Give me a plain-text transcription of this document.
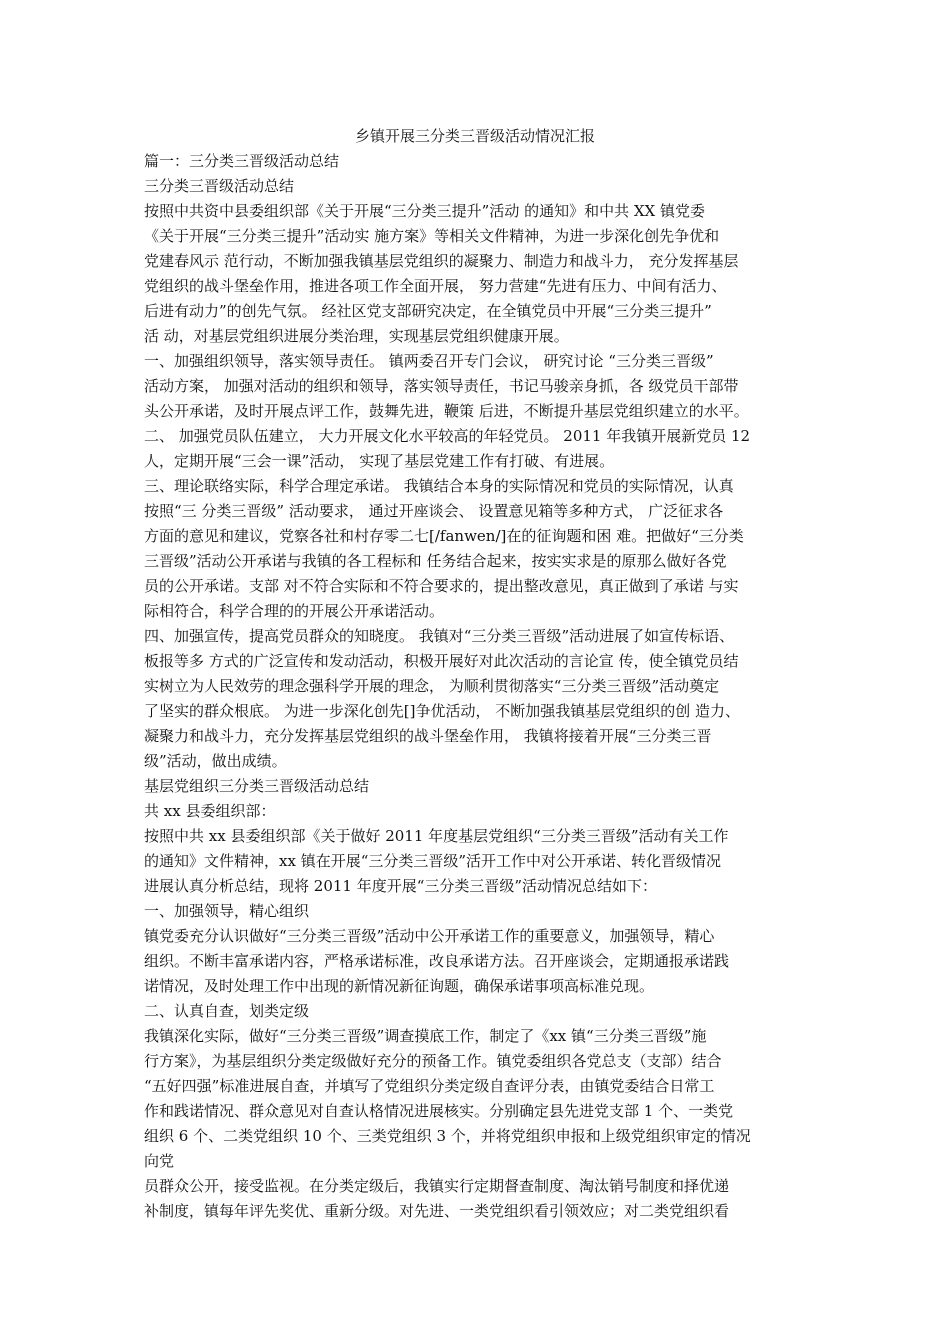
乡镇开展三分类三晋级活动情况汇报
篇一：三分类三晋级活动总结
三分类三晋级活动总结
按照中共资中县委组织部《关于开展“三分类三提升”活动 的通知》和中共 XX 镇党委
《关于开展“三分类三提升”活动实 施方案》等相关文件精神，为进一步深化创先争优和
党建春风示 范行动，不断加强我镇基层党组织的凝聚力、制造力和战斗力， 充分发挥基层
党组织的战斗堡垒作用，推进各项工作全面开展， 努力营建“先进有压力、中间有活力、
后进有动力”的创先气氛。 经社区党支部研究决定，在全镇党员中开展“三分类三提升”
活 动，对基层党组织进展分类治理，实现基层党组织健康开展。
一、加强组织领导，落实领导责任。 镇两委召开专门会议， 研究讨论 “三分类三晋级”
活动方案， 加强对活动的组织和领导，落实领导责任，书记马骏亲身抓，各 级党员干部带
头公开承诺，及时开展点评工作，鼓舞先进，鞭策 后进，不断提升基层党组织建立的水平。
二、 加强党员队伍建立， 大力开展文化水平较高的年轻党员。 2011 年我镇开展新党员 12
人，定期开展“三会一课”活动， 实现了基层党建工作有打破、有进展。
三、理论联络实际，科学合理定承诺。 我镇结合本身的实际情况和党员的实际情况，认真
按照“三 分类三晋级” 活动要求， 通过开座谈会、 设置意见箱等多种方式， 广泛征求各
方面的意见和建议，党察各社和村存零二七[/fanwen/]在的征询题和困 难。把做好“三分类
三晋级”活动公开承诺与我镇的各工程标和 任务结合起来，按实实求是的原那么做好各党
员的公开承诺。支部 对不符合实际和不符合要求的，提出整改意见，真正做到了承诺 与实
际相符合，科学合理的的开展公开承诺活动。
四、加强宣传，提高党员群众的知晓度。 我镇对“三分类三晋级”活动进展了如宣传标语、
板报等多 方式的广泛宣传和发动活动，积极开展好对此次活动的言论宣 传，使全镇党员结
实树立为人民效劳的理念强科学开展的理念， 为顺利贯彻落实“三分类三晋级”活动奠定
了坚实的群众根底。 为进一步深化创先[]争优活动， 不断加强我镇基层党组织的创 造力、
凝聚力和战斗力，充分发挥基层党组织的战斗堡垒作用， 我镇将接着开展“三分类三晋
级”活动，做出成绩。
基层党组织三分类三晋级活动总结
共 xx 县委组织部：
按照中共 xx 县委组织部《关于做好 2011 年度基层党组织“三分类三晋级”活动有关工作
的通知》文件精神，xx 镇在开展“三分类三晋级”活开工作中对公开承诺、转化晋级情况
进展认真分析总结，现将 2011 年度开展“三分类三晋级”活动情况总结如下：
一、加强领导，精心组织
镇党委充分认识做好“三分类三晋级”活动中公开承诺工作的重要意义，加强领导，精心
组织。不断丰富承诺内容，严格承诺标准，改良承诺方法。召开座谈会，定期通报承诺践
诺情况，及时处理工作中出现的新情况新征询题，确保承诺事项高标准兑现。
二、认真自查，划类定级
我镇深化实际，做好“三分类三晋级”调查摸底工作，制定了《xx 镇“三分类三晋级”施
行方案》，为基层组织分类定级做好充分的预备工作。镇党委组织各党总支（支部）结合
“五好四强”标准进展自查，并填写了党组织分类定级自查评分表，由镇党委结合日常工
作和践诺情况、群众意见对自查认格情况进展核实。分别确定县先进党支部 1 个、一类党
组织 6 个、二类党组织 10 个、三类党组织 3 个，并将党组织申报和上级党组织审定的情况
向党
员群众公开，接受监视。在分类定级后，我镇实行定期督查制度、淘汰销号制度和择优递
补制度，镇每年评先奖优、重新分级。对先进、一类党组织看引领效应；对二类党组织看
